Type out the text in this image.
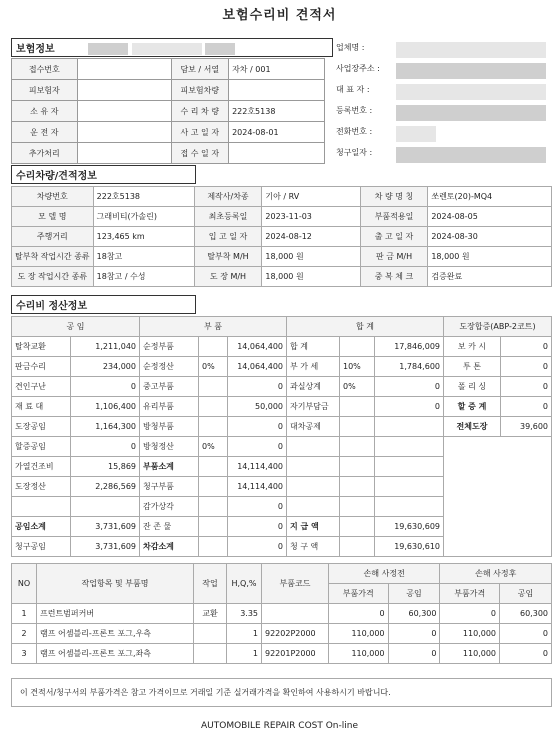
보험수리비 견적서
보험정보
접수번호		담보 / 서열	자차 / 001
피보험자		피보험차량	
소 유 자		수 리 차 량	222호5138
운 전 자		사 고 일 자	2024-08-01
추가처리		접 수 일 자	
업체명 :
사업장주소 :
대 표 자 :
등록번호 :
전화번호 :
청구일자 :
수리차량/견적정보
차량번호	222호5138	제작사/차종	기아 / RV	차 량 명 칭	쏘렌토(20)-MQ4
모 델 명	그래비티(가솔린)	최초등록일	2023-11-03	부품적용일	2024-08-05
주행거리	123,465 km	입 고 일 자	2024-08-12	출 고 일 자	2024-08-30
탈부착 작업시간 종류	18참고	탈부착 M/H	18,000 원	판 금 M/H	18,000 원
도 장 작업시간 종류	18참고 / 수성	도 장 M/H	18,000 원	중 복 체 크	검증완료
수리비 정산정보
공 임		부 품			합 계			도장합증(ABP-2코트)	
탈착교환	1,211,040	순정부품		14,064,400	합 계		17,846,009	보 카 시	0
판금수리	234,000	순정정산	0%	14,064,400	부 가 세	10%	1,784,600	투 톤	0
견인구난	0	중고부품		0	과실상계	0%	0	폴 리 싱	0
재 료 대	1,106,400	유리부품		50,000	자기부담금		0	할 증 계	0
도장공임	1,164,300	방청부품		0	대차공제			전체도장	39,600
할증공임	0	방청정산	0%	0					
가열건조비	15,869	부품소계		14,114,400					
도장정산	2,286,569	청구부품		14,114,400					
		감가상각		0					
공임소계	3,731,609	잔 존 물		0	지 급 액		19,630,609		
청구공임	3,731,609	차감소계		0	청 구 액		19,630,610		
NO	작업항목 및 부품명	작업	H,Q,%	부품코드	손해 사정전		손해 사정후	
					부품가격	공임	부품가격	공임
1	프런트범퍼커버	교환	3.35		0	60,300	0	60,300
2	램프 어셈블리-프론트 포그,우측		1	92202P2000	110,000	0	110,000	0
3	램프 어셈블리-프론트 포그,좌측		1	92201P2000	110,000	0	110,000	0
이 견적서/청구서의 부품가격은 참고 가격이므로 거래일 기준 실거래가격을 확인하여 사용하시기 바랍니다.
AUTOMOBILE REPAIR COST On-line
